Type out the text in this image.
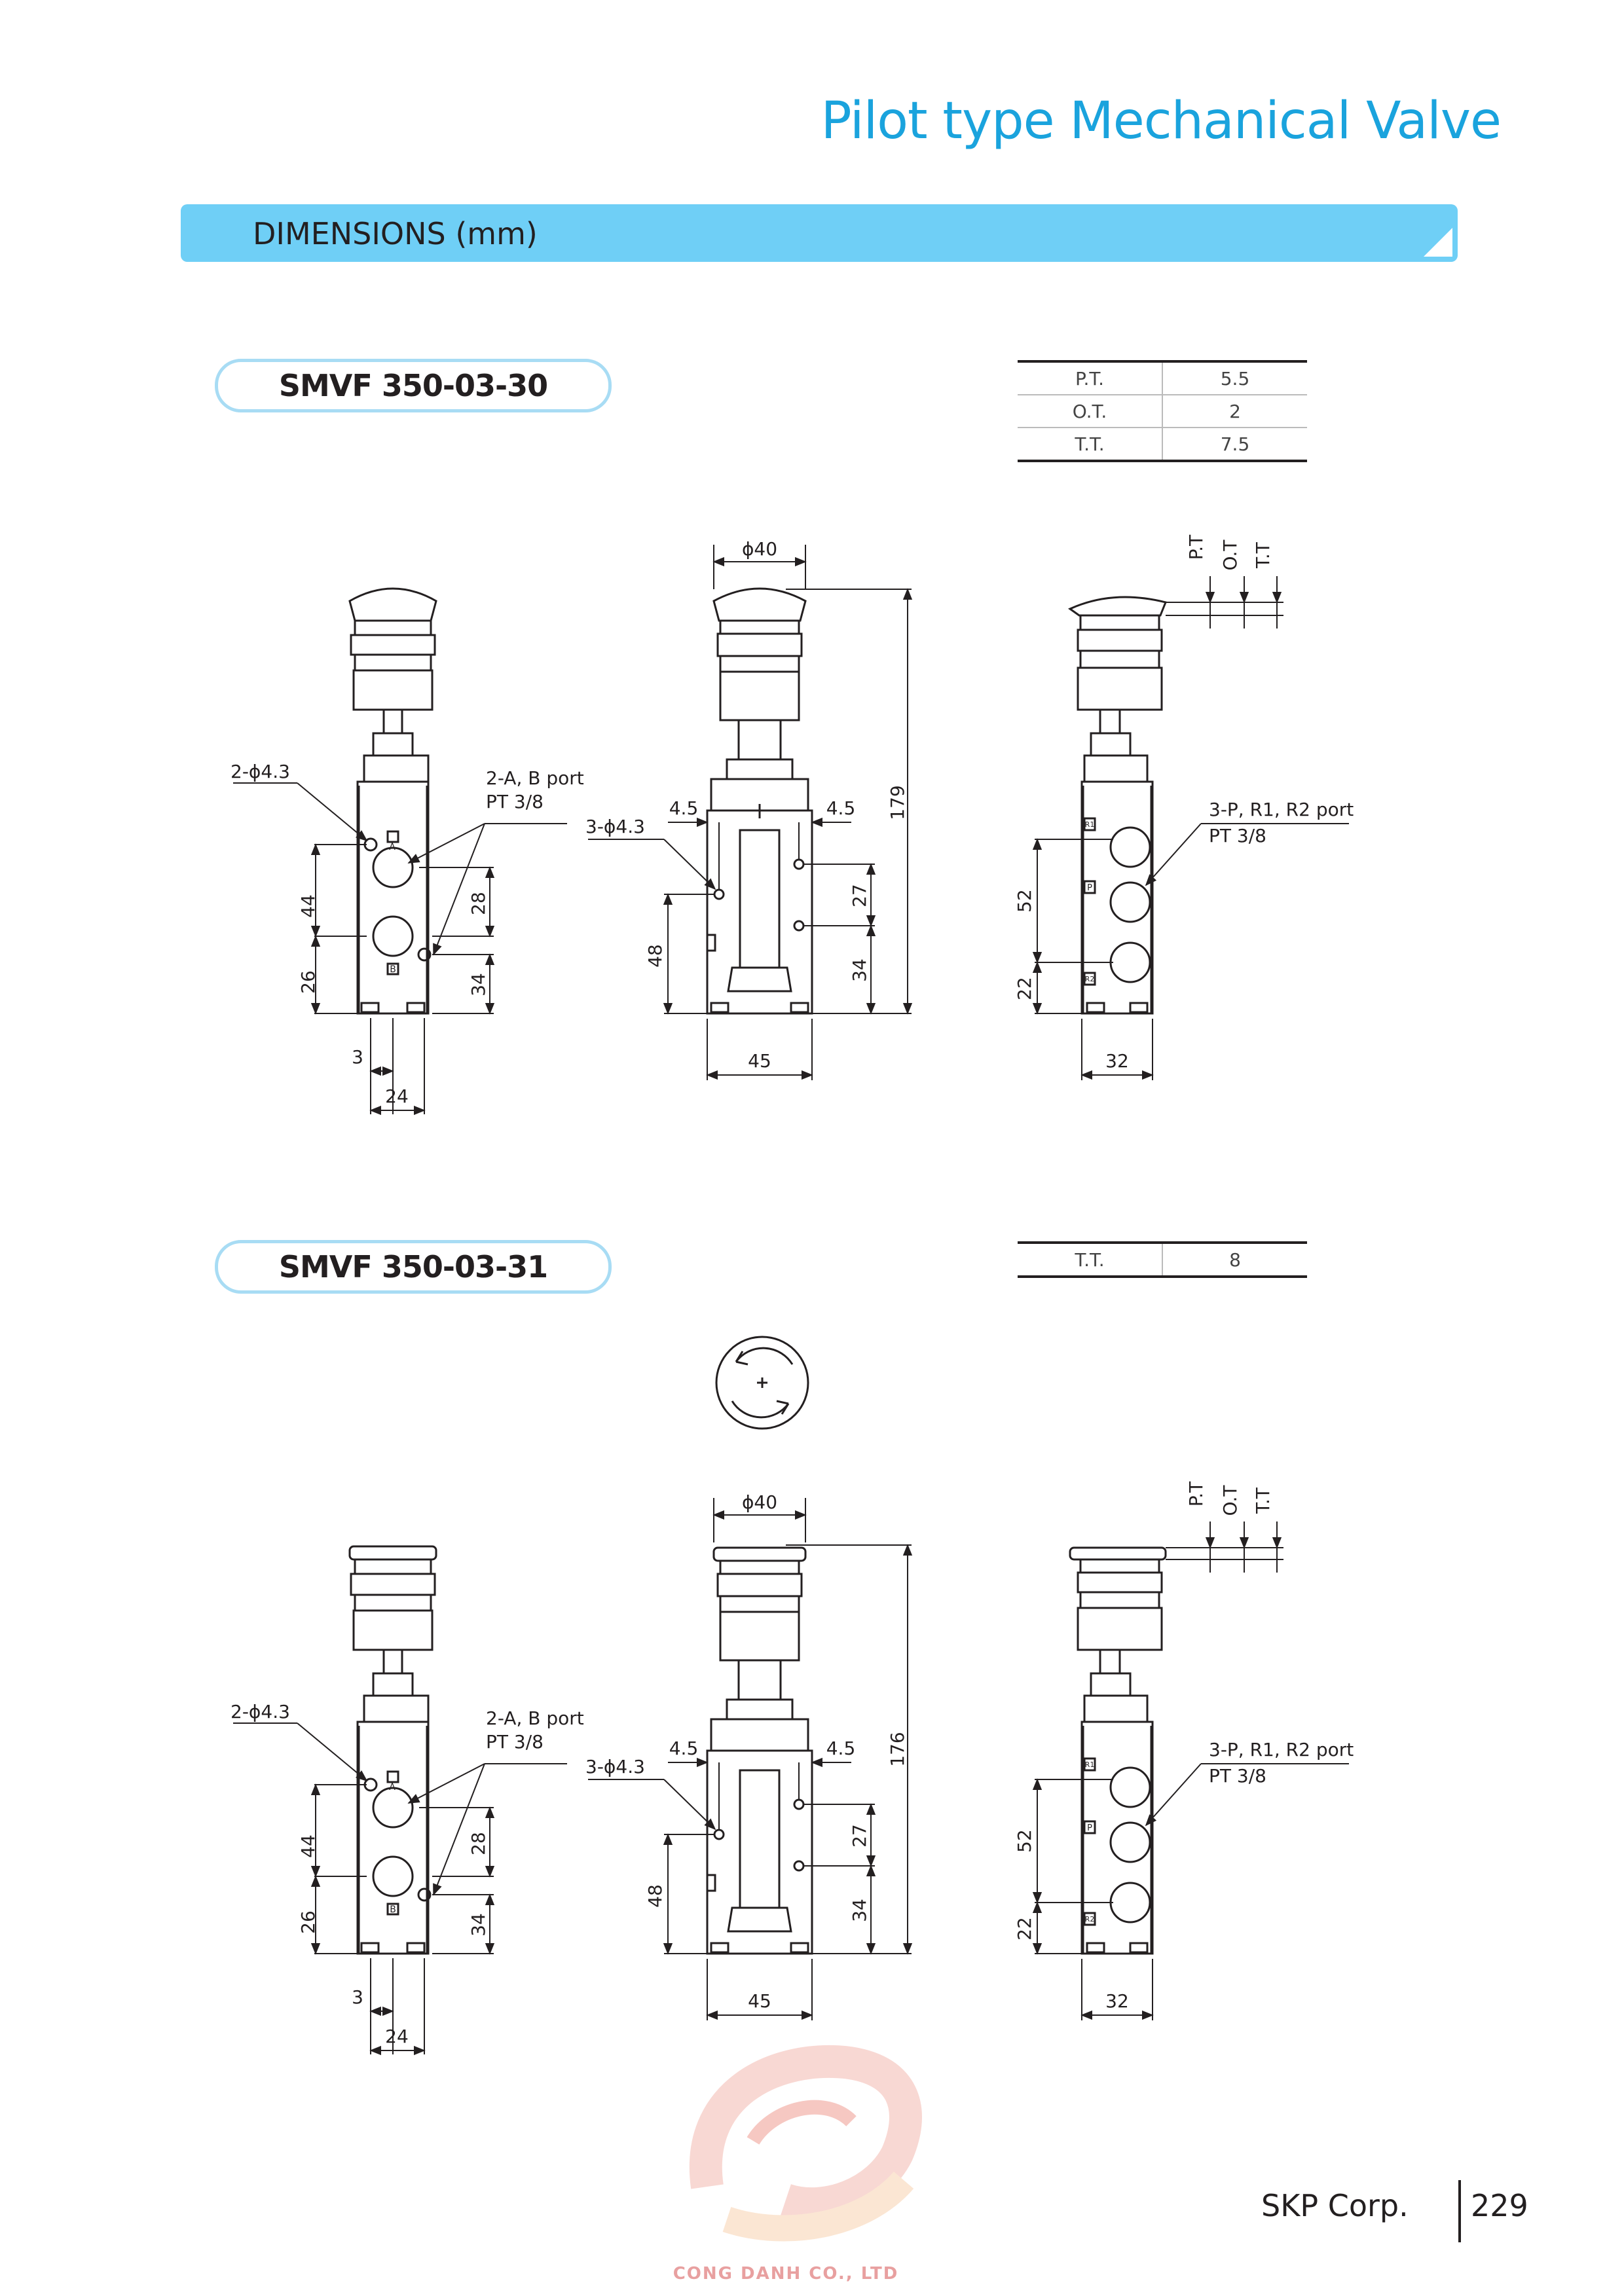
Pilot type Mechanical Valve
DIMENSIONS (mm)
SMVF 350-03-30	P.T.	5.5
O.T.	2
T.T.	7.5
SMVF 350-03-31	T.T.	8
2-ϕ4.3	2-A, B port
PT 3/8
44
26
28
34
3
24
A
B
ϕ40
4.5	4.5
3-ϕ4.3
27
34
48
45
179
P.T O.T T.T
3-P, R1, R2 port
PT 3/8
52
22
32
R1
P
R2
2-ϕ4.3	2-A, B port
PT 3/8
44
26
28
34
3
24
A
B
ϕ40
4.5	4.5
3-ϕ4.3
27
34
48
45
176
P.T O.T T.T
3-P, R1, R2 port
PT 3/8
52
22
32
R1
P
R2
CONG DANH CO., LTD
SKP Corp. 229
